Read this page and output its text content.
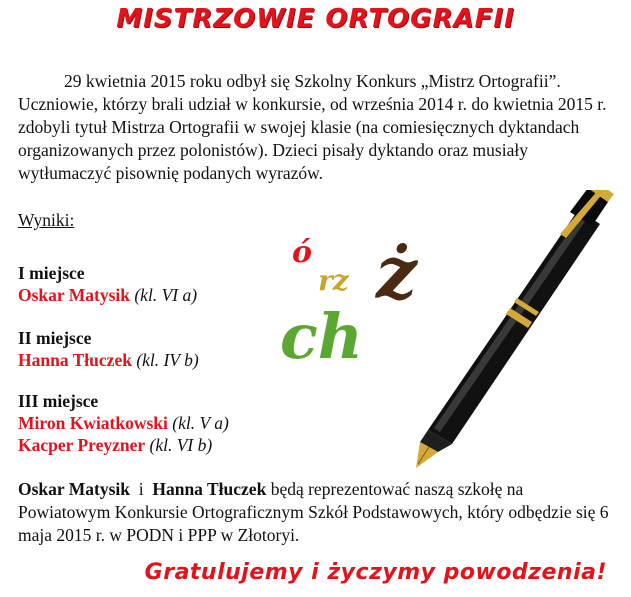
MISTRZOWIE ORTOGRAFII
29 kwietnia 2015 roku odbył się Szkolny Konkurs „Mistrz Ortografii”.
Uczniowie, którzy brali udział w konkursie, od września 2014 r. do kwietnia 2015 r. zdobyli tytuł Mistrza Ortografii w swojej klasie (na comiesięcznych dyktandach organizowanych przez polonistów). Dzieci pisały dyktando oraz musiały wytłumaczyć pisownię podanych wyrazów.
Wyniki:
I miejsce
Oskar Matysik (kl. VI a)
II miejsce
Hanna Tłuczek (kl. IV b)
III miejsce
Miron Kwiatkowski (kl. V a)
Kacper Preyzner (kl. VI b)
ó
rz ż
ch
Oskar Matysik  i  Hanna Tłuczek będą reprezentować naszą szkołę na Powiatowym Konkursie Ortograficznym Szkół Podstawowych, który odbędzie się 6 maja 2015 r. w PODN i PPP w Złotoryi.
Gratulujemy i życzymy powodzenia!
